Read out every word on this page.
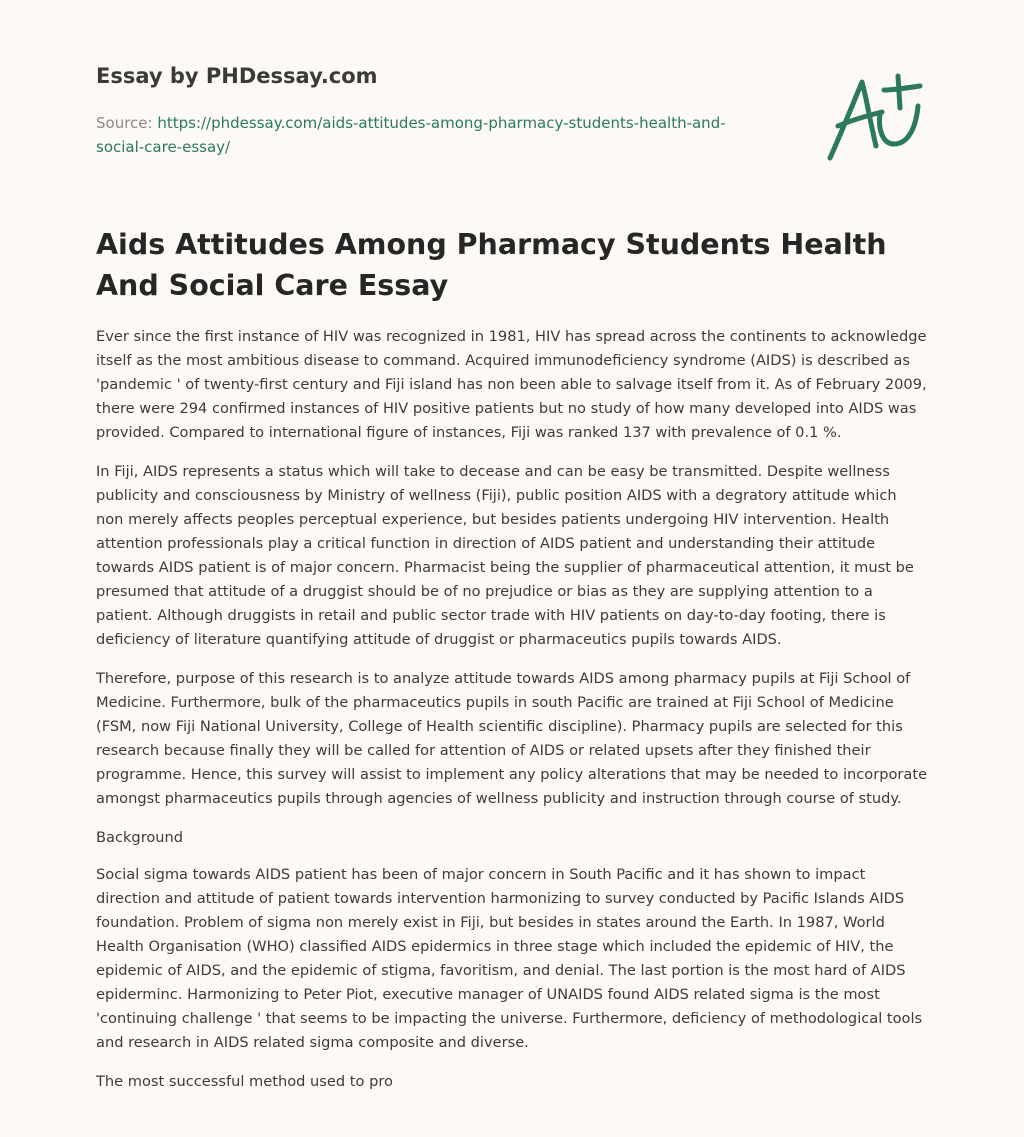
Essay by PHDessay.com

Source: https://phdessay.com/aids-attitudes-among-pharmacy-students-health-and-social-care-essay/

Aids Attitudes Among Pharmacy Students Health And Social Care Essay

Ever since the first instance of HIV was recognized in 1981, HIV has spread across the continents to acknowledge itself as the most ambitious disease to command. Acquired immunodeficiency syndrome (AIDS) is described as 'pandemic ' of twenty-first century and Fiji island has non been able to salvage itself from it. As of February 2009, there were 294 confirmed instances of HIV positive patients but no study of how many developed into AIDS was provided. Compared to international figure of instances, Fiji was ranked 137 with prevalence of 0.1 %.

In Fiji, AIDS represents a status which will take to decease and can be easy be transmitted. Despite wellness publicity and consciousness by Ministry of wellness (Fiji), public position AIDS with a degratory attitude which non merely affects peoples perceptual experience, but besides patients undergoing HIV intervention. Health attention professionals play a critical function in direction of AIDS patient and understanding their attitude towards AIDS patient is of major concern. Pharmacist being the supplier of pharmaceutical attention, it must be presumed that attitude of a druggist should be of no prejudice or bias as they are supplying attention to a patient. Although druggists in retail and public sector trade with HIV patients on day-to-day footing, there is deficiency of literature quantifying attitude of druggist or pharmaceutics pupils towards AIDS.

Therefore, purpose of this research is to analyze attitude towards AIDS among pharmacy pupils at Fiji School of Medicine. Furthermore, bulk of the pharmaceutics pupils in south Pacific are trained at Fiji School of Medicine (FSM, now Fiji National University, College of Health scientific discipline). Pharmacy pupils are selected for this research because finally they will be called for attention of AIDS or related upsets after they finished their programme. Hence, this survey will assist to implement any policy alterations that may be needed to incorporate amongst pharmaceutics pupils through agencies of wellness publicity and instruction through course of study.

Background

Social sigma towards AIDS patient has been of major concern in South Pacific and it has shown to impact direction and attitude of patient towards intervention harmonizing to survey conducted by Pacific Islands AIDS foundation. Problem of sigma non merely exist in Fiji, but besides in states around the Earth. In 1987, World Health Organisation (WHO) classified AIDS epidermics in three stage which included the epidemic of HIV, the epidemic of AIDS, and the epidemic of stigma, favoritism, and denial. The last portion is the most hard of AIDS epiderminc. Harmonizing to Peter Piot, executive manager of UNAIDS found AIDS related sigma is the most 'continuing challenge ' that seems to be impacting the universe. Furthermore, deficiency of methodological tools and research in AIDS related sigma composite and diverse.

The most successful method used to pro
